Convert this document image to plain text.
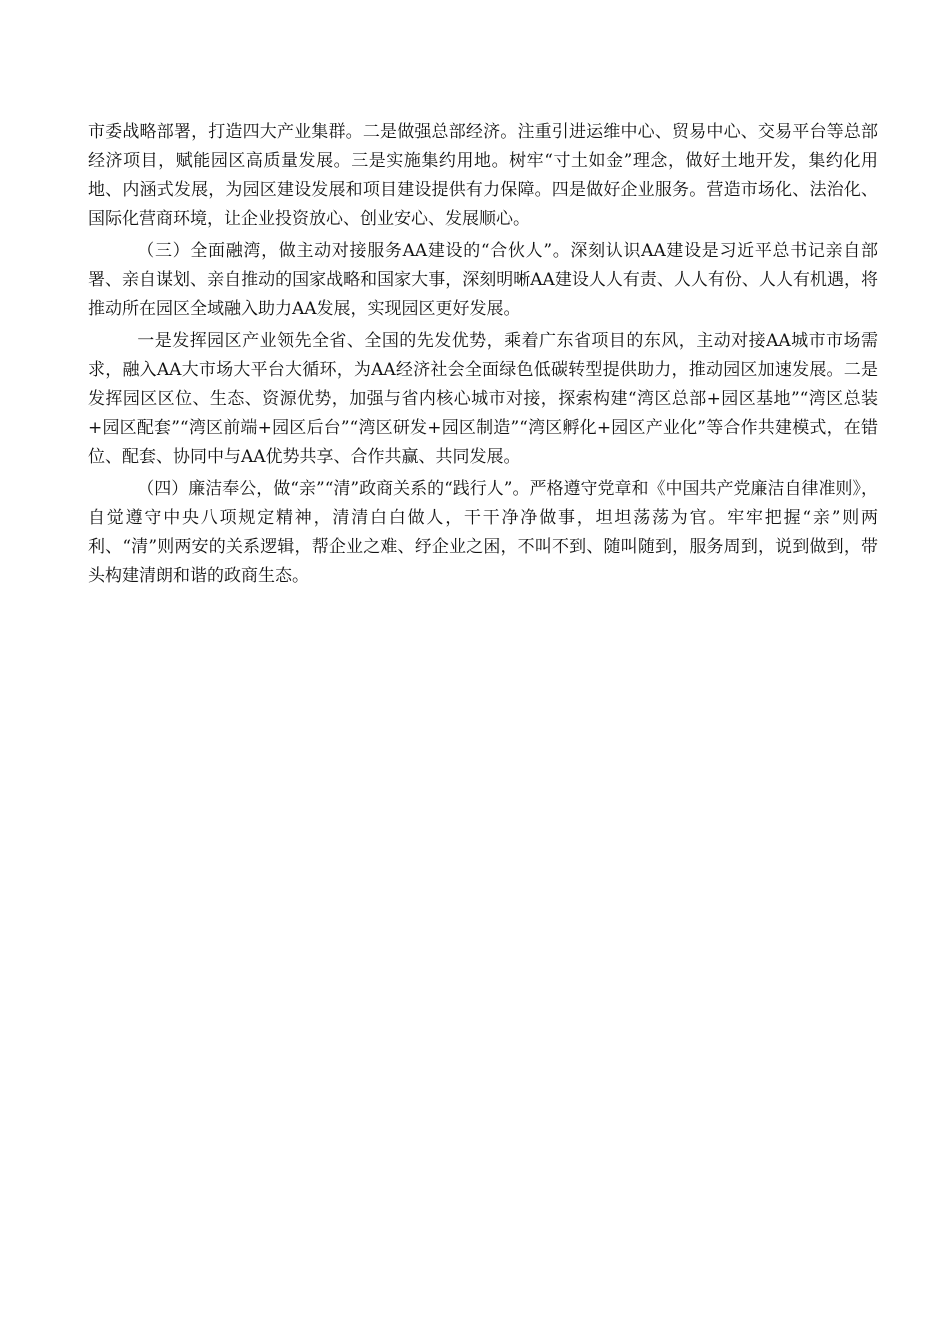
市委战略部署，打造四大产业集群。二是做强总部经济。注重引进运维中心、贸易中心、交易平台等总部经济项目，赋能园区高质量发展。三是实施集约用地。树牢“寸土如金”理念，做好土地开发，集约化用地、内涵式发展，为园区建设发展和项目建设提供有力保障。四是做好企业服务。营造市场化、法治化、国际化营商环境，让企业投资放心、创业安心、发展顺心。

（三）全面融湾，做主动对接服务AA建设的“合伙人”。深刻认识AA建设是习近平总书记亲自部署、亲自谋划、亲自推动的国家战略和国家大事，深刻明晰AA建设人人有责、人人有份、人人有机遇，将推动所在园区全域融入助力AA发展，实现园区更好发展。

一是发挥园区产业领先全省、全国的先发优势，乘着广东省项目的东风，主动对接AA城市市场需求，融入AA大市场大平台大循环，为AA经济社会全面绿色低碳转型提供助力，推动园区加速发展。二是发挥园区区位、生态、资源优势，加强与省内核心城市对接，探索构建“湾区总部+园区基地”“湾区总装+园区配套”“湾区前端+园区后台”“湾区研发+园区制造”“湾区孵化+园区产业化”等合作共建模式，在错位、配套、协同中与AA优势共享、合作共赢、共同发展。

（四）廉洁奉公，做“亲”“清”政商关系的“践行人”。严格遵守党章和《中国共产党廉洁自律准则》，自觉遵守中央八项规定精神，清清白白做人，干干净净做事，坦坦荡荡为官。牢牢把握“亲”则两利、“清”则两安的关系逻辑，帮企业之难、纾企业之困，不叫不到、随叫随到，服务周到，说到做到，带头构建清朗和谐的政商生态。
